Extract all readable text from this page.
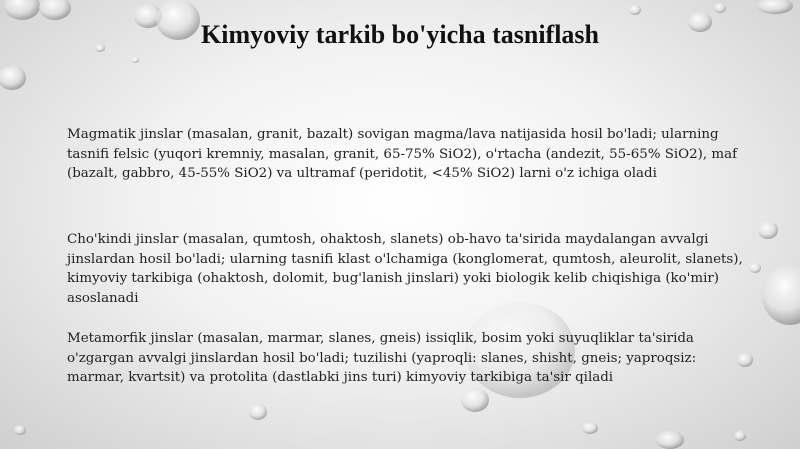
Kimyoviy tarkib bo'yicha tasniflash
Magmatik jinslar (masalan, granit, bazalt) sovigan magma/lava natijasida hosil bo'ladi; ularning tasnifi felsic (yuqori kremniy, masalan, granit, 65-75% SiO2), o'rtacha (andezit, 55-65% SiO2), maf (bazalt, gabbro, 45-55% SiO2) va ultramaf (peridotit, <45% SiO2) larni o'z ichiga oladi
Cho'kindi jinslar (masalan, qumtosh, ohaktosh, slanets) ob-havo ta'sirida maydalangan avvalgi jinslardan hosil bo'ladi; ularning tasnifi klast o'lchamiga (konglomerat, qumtosh, aleurolit, slanets), kimyoviy tarkibiga (ohaktosh, dolomit, bug'lanish jinslari) yoki biologik kelib chiqishiga (ko'mir) asoslanadi
Metamorfik jinslar (masalan, marmar, slanes, gneis) issiqlik, bosim yoki suyuqliklar ta'sirida o'zgargan avvalgi jinslardan hosil bo'ladi; tuzilishi (yaproqli: slanes, shisht, gneis; yaproqsiz: marmar, kvartsit) va protolita (dastlabki jins turi) kimyoviy tarkibiga ta'sir qiladi
